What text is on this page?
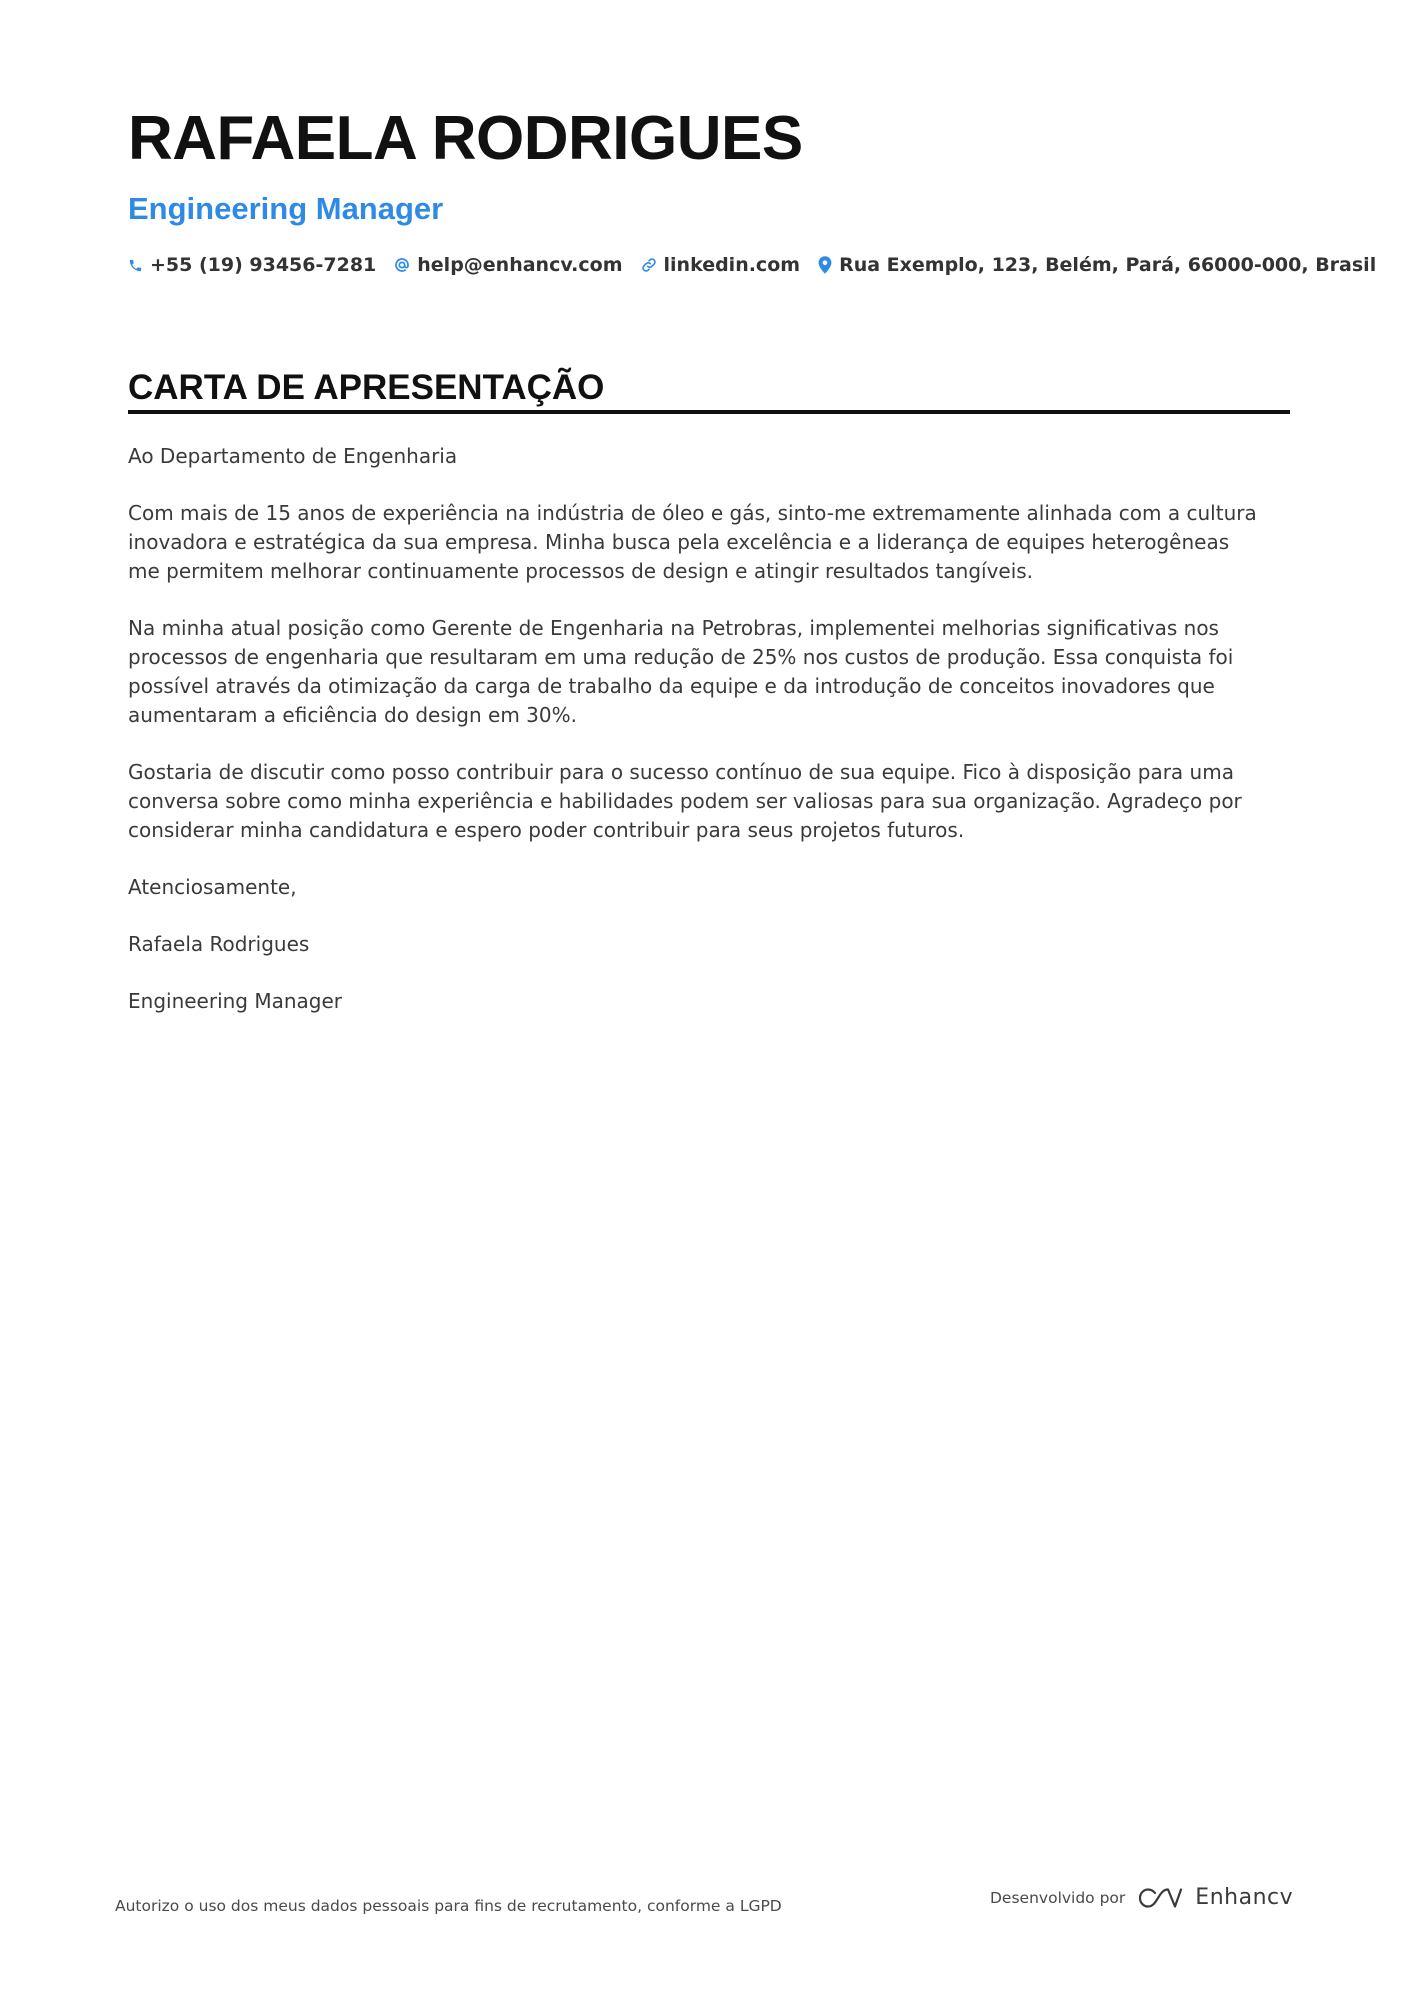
RAFAELA RODRIGUES
Engineering Manager
+55 (19) 93456-7281 help@enhancv.com linkedin.com Rua Exemplo, 123, Belém, Pará, 66000-000, Brasil
CARTA DE APRESENTAÇÃO

Ao Departamento de Engenharia

Com mais de 15 anos de experiência na indústria de óleo e gás, sinto-me extremamente alinhada com a cultura inovadora e estratégica da sua empresa. Minha busca pela excelência e a liderança de equipes heterogêneas me permitem melhorar continuamente processos de design e atingir resultados tangíveis.

Na minha atual posição como Gerente de Engenharia na Petrobras, implementei melhorias significativas nos processos de engenharia que resultaram em uma redução de 25% nos custos de produção. Essa conquista foi possível através da otimização da carga de trabalho da equipe e da introdução de conceitos inovadores que aumentaram a eficiência do design em 30%.

Gostaria de discutir como posso contribuir para o sucesso contínuo de sua equipe. Fico à disposição para uma conversa sobre como minha experiência e habilidades podem ser valiosas para sua organização. Agradeço por considerar minha candidatura e espero poder contribuir para seus projetos futuros.

Atenciosamente,

Rafaela Rodrigues

Engineering Manager

Autorizo o uso dos meus dados pessoais para fins de recrutamento, conforme a LGPD	Desenvolvido por	Enhancv
